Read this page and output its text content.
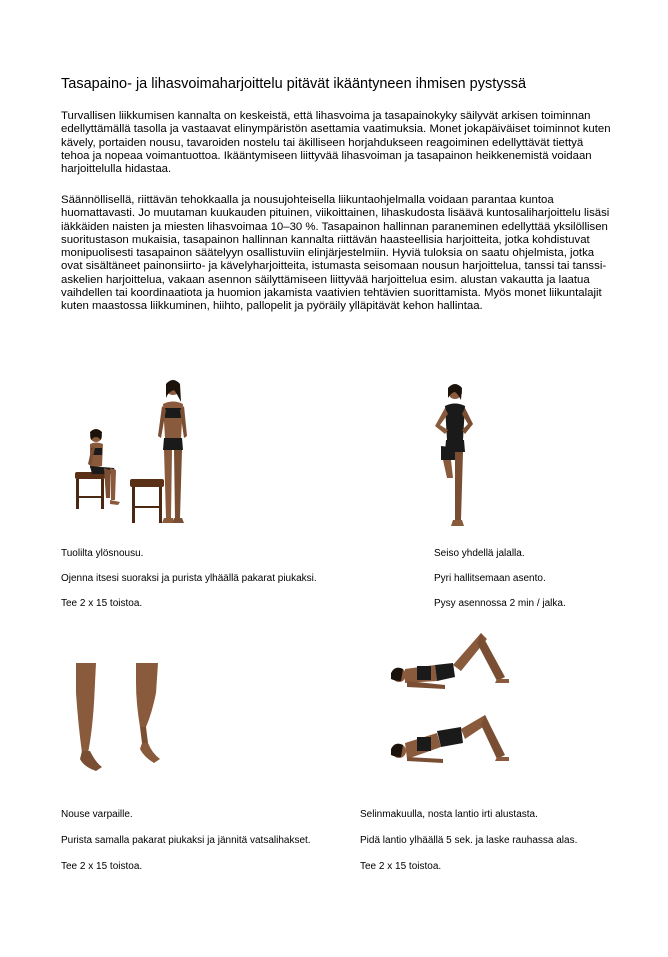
Tasapaino- ja lihasvoimaharjoittelu pitävät ikääntyneen ihmisen pystyssä
Turvallisen liikkumisen kannalta on keskeistä, että lihasvoima ja tasapainokyky säilyvät arkisen toiminnan edellyttämällä tasolla ja vastaavat elinympäristön asettamia vaatimuksia. Monet jokapäiväiset toiminnot kuten kävely, portaiden nousu, tavaroiden nostelu tai äkilliseen horjahdukseen reagoiminen edellyttävät tiettyä tehoa ja nopeaa voimantuottoa. Ikääntymiseen liittyvää lihasvoiman ja tasapainon heikkenemistä voidaan harjoittelulla hidastaa.
Säännöllisellä, riittävän tehokkaalla ja nousujohteisella liikuntaohjelmalla voidaan parantaa kuntoa huomattavasti. Jo muutaman kuukauden pituinen, viikoittainen, lihaskudosta lisäävä kuntosaliharjoittelu lisäsi iäkkäiden naisten ja miesten lihasvoimaa 10–30 %. Tasapainon hallinnan paraneminen edellyttää yksilöllisen suoritustason mukaisia, tasapainon hallinnan kannalta riittävän haasteellisia harjoitteita, jotka kohdistuvat monipuolisesti tasapainon säätelyyn osallistuviin elinjärjestelmiin. Hyviä tuloksia on saatu ohjelmista, jotka ovat sisältäneet painonsiirto- ja kävelyharjoitteita, istumasta seisomaan nousun harjoittelua, tanssi tai tanssi-askelien harjoittelua, vakaan asennon säilyttämiseen liittyvää harjoittelua esim. alustan vakautta ja laatua vaihdellen tai koordinaatiota ja huomion jakamista vaativien tehtävien suorittamista. Myös monet liikuntalajit kuten maastossa liikkuminen, hiihto, pallopelit ja pyöräily ylläpitävät kehon hallintaa.
Tuolilta ylösnousu.
Ojenna itsesi suoraksi ja purista ylhäällä pakarat piukaksi.
Tee 2 x 15 toistoa.
Seiso yhdellä jalalla.
Pyri hallitsemaan asento.
Pysy asennossa 2 min / jalka.
Nouse varpaille.
Purista samalla pakarat piukaksi ja jännitä vatsalihakset.
Tee 2 x 15 toistoa.
Selinmakuulla, nosta lantio irti alustasta.
Pidä lantio ylhäällä 5 sek. ja laske rauhassa alas.
Tee 2 x 15 toistoa.
